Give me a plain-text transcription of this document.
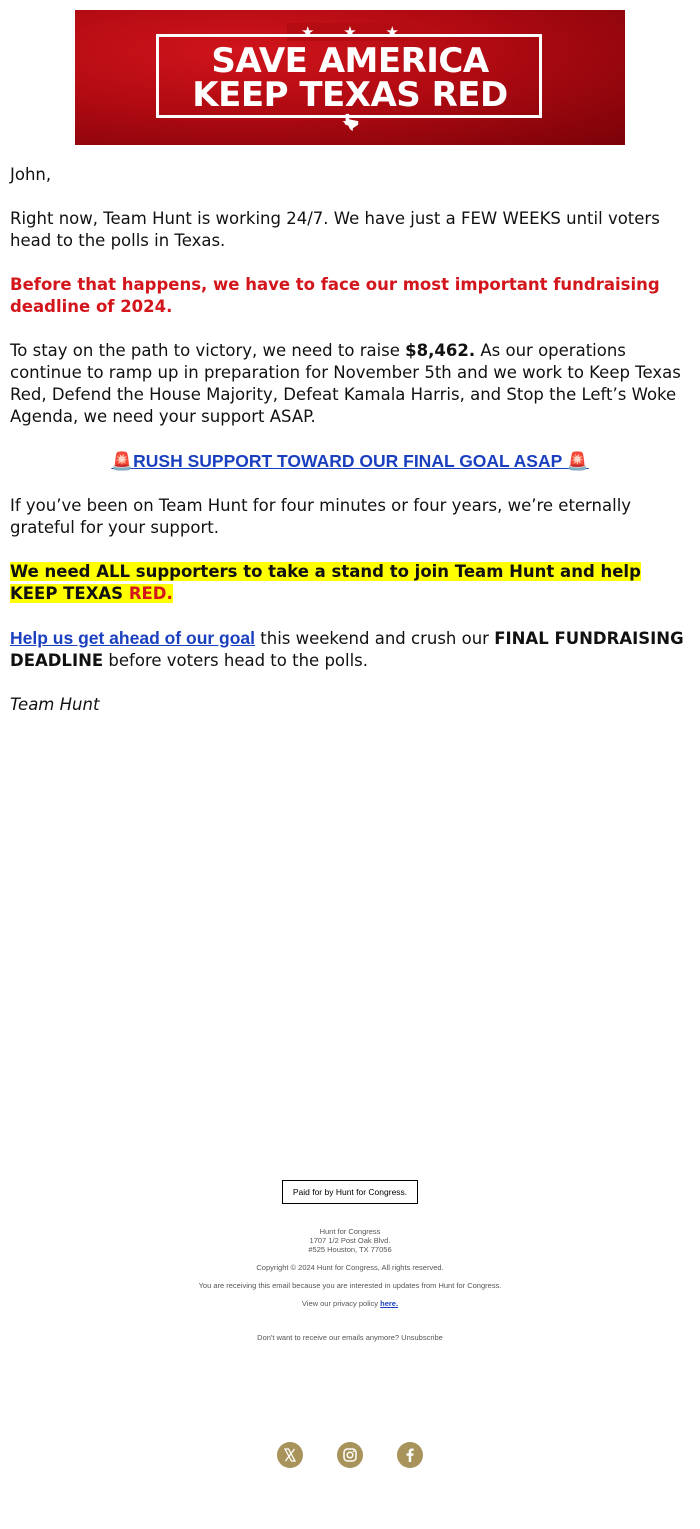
★ ★ ★
SAVE AMERICA
KEEP TEXAS RED

John,

Right now, Team Hunt is working 24/7. We have just a FEW WEEKS until voters head to the polls in Texas.

Before that happens, we have to face our most important fundraising deadline of 2024.

To stay on the path to victory, we need to raise $8,462. As our operations continue to ramp up in preparation for November 5th and we work to Keep Texas Red, Defend the House Majority, Defeat Kamala Harris, and Stop the Left’s Woke Agenda, we need your support ASAP.

🚨RUSH SUPPORT TOWARD OUR FINAL GOAL ASAP 🚨

If you’ve been on Team Hunt for four minutes or four years, we’re eternally grateful for your support.

We need ALL supporters to take a stand to join Team Hunt and help KEEP TEXAS RED.

Help us get ahead of our goal this weekend and crush our FINAL FUNDRAISING DEADLINE before voters head to the polls.

Team Hunt

Paid for by Hunt for Congress.
Hunt for Congress
1707 1/2 Post Oak Blvd.
#525 Houston, TX 77056
Copyright © 2024 Hunt for Congress, All rights reserved.
You are receiving this email because you are interested in updates from Hunt for Congress.
View our privacy policy here.
Don't want to receive our emails anymore? Unsubscribe
